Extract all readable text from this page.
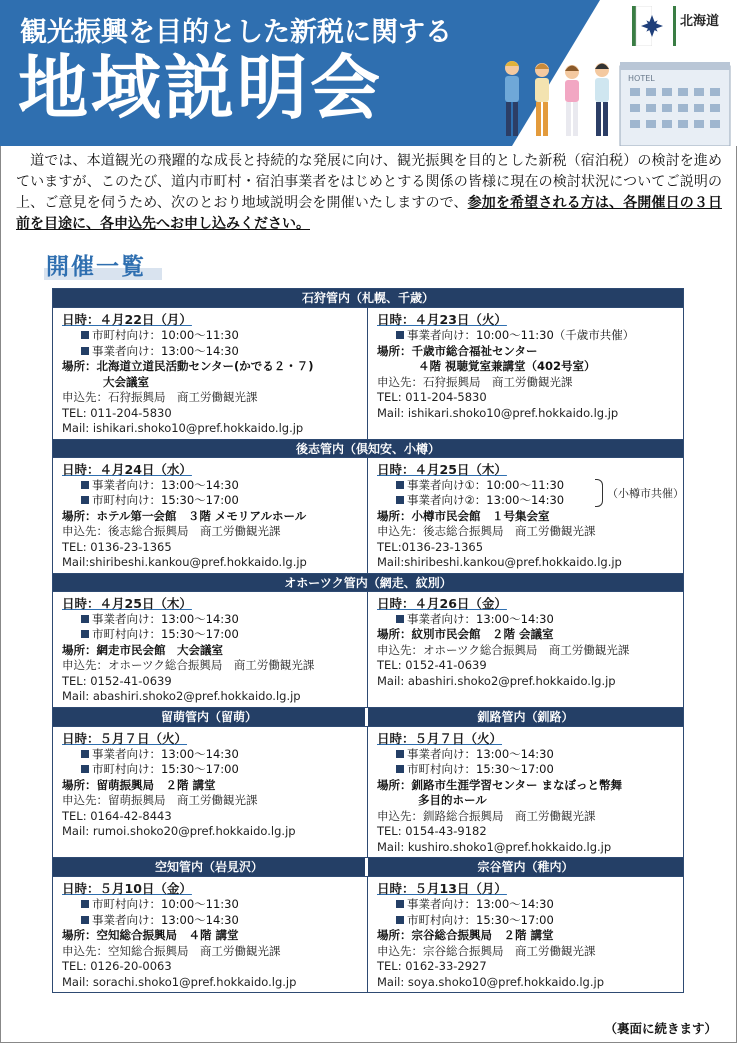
観光振興を目的とした新税に関する
地域説明会
北海道
HOTEL
　道では、本道観光の飛躍的な成長と持続的な発展に向け、観光振興を目的とした新税（宿泊税）の検討を進めていますが、このたび、道内市町村・宿泊事業者をはじめとする関係の皆様に現在の検討状況についてご説明の上、ご意見を伺うため、次のとおり地域説明会を開催いたしますので、参加を希望される方は、各開催日の３日前を目途に、各申込先へお申し込みください。
開催一覧
石狩管内（札幌、千歳）
日時：４月22日（月）
市町村向け：10:00～11:30
事業者向け：13:00～14:30
場所：北海道立道民活動センター(かでる２・７)
大会議室
申込先：石狩振興局　商工労働観光課
TEL: 011-204-5830
Mail: ishikari.shoko10@pref.hokkaido.lg.jp
日時：４月23日（火）
事業者向け：10:00～11:30（千歳市共催）
場所：千歳市総合福祉センター
４階 視聴覚室兼講堂（402号室）
申込先：石狩振興局　商工労働観光課
TEL: 011-204-5830
Mail: ishikari.shoko10@pref.hokkaido.lg.jp
後志管内（倶知安、小樽）
日時：４月24日（水）
事業者向け：13:00～14:30
市町村向け：15:30～17:00
場所：ホテル第一会館　３階 メモリアルホール
申込先：後志総合振興局　商工労働観光課
TEL: 0136-23-1365
Mail:shiribeshi.kankou@pref.hokkaido.lg.jp
日時：４月25日（木）
事業者向け①：10:00～11:30
事業者向け②：13:00～14:30	（小樽市共催）
場所：小樽市民会館　１号集会室
申込先：後志総合振興局　商工労働観光課
TEL:0136-23-1365
Mail:shiribeshi.kankou@pref.hokkaido.lg.jp
オホーツク管内（網走、紋別）
日時：４月25日（木）
事業者向け：13:00～14:30
市町村向け：15:30～17:00
場所：網走市民会館　大会議室
申込先：オホーツク総合振興局　商工労働観光課
TEL: 0152-41-0639
Mail: abashiri.shoko2@pref.hokkaido.lg.jp
日時：４月26日（金）
事業者向け：13:00～14:30
場所：紋別市民会館　２階 会議室
申込先：オホーツク総合振興局　商工労働観光課
TEL: 0152-41-0639
Mail: abashiri.shoko2@pref.hokkaido.lg.jp
留萌管内（留萌）	釧路管内（釧路）
日時：５月７日（火）
事業者向け：13:00～14:30
市町村向け：15:30～17:00
場所：留萌振興局　２階 講堂
申込先：留萌振興局　商工労働観光課
TEL: 0164-42-8443
Mail: rumoi.shoko20@pref.hokkaido.lg.jp
日時：５月７日（火）
事業者向け：13:00～14:30
市町村向け：15:30～17:00
場所：釧路市生涯学習センター まなぼっと幣舞
多目的ホール
申込先：釧路総合振興局　商工労働観光課
TEL: 0154-43-9182
Mail: kushiro.shoko1@pref.hokkaido.lg.jp
空知管内（岩見沢）	宗谷管内（稚内）
日時：５月10日（金）
市町村向け：10:00～11:30
事業者向け：13:00～14:30
場所：空知総合振興局　４階 講堂
申込先：空知総合振興局　商工労働観光課
TEL: 0126-20-0063
Mail: sorachi.shoko1@pref.hokkaido.lg.jp
日時：５月13日（月）
事業者向け：13:00～14:30
市町村向け：15:30～17:00
場所：宗谷総合振興局　２階 講堂
申込先：宗谷総合振興局　商工労働観光課
TEL: 0162-33-2927
Mail: soya.shoko10@pref.hokkaido.lg.jp
（裏面に続きます）
